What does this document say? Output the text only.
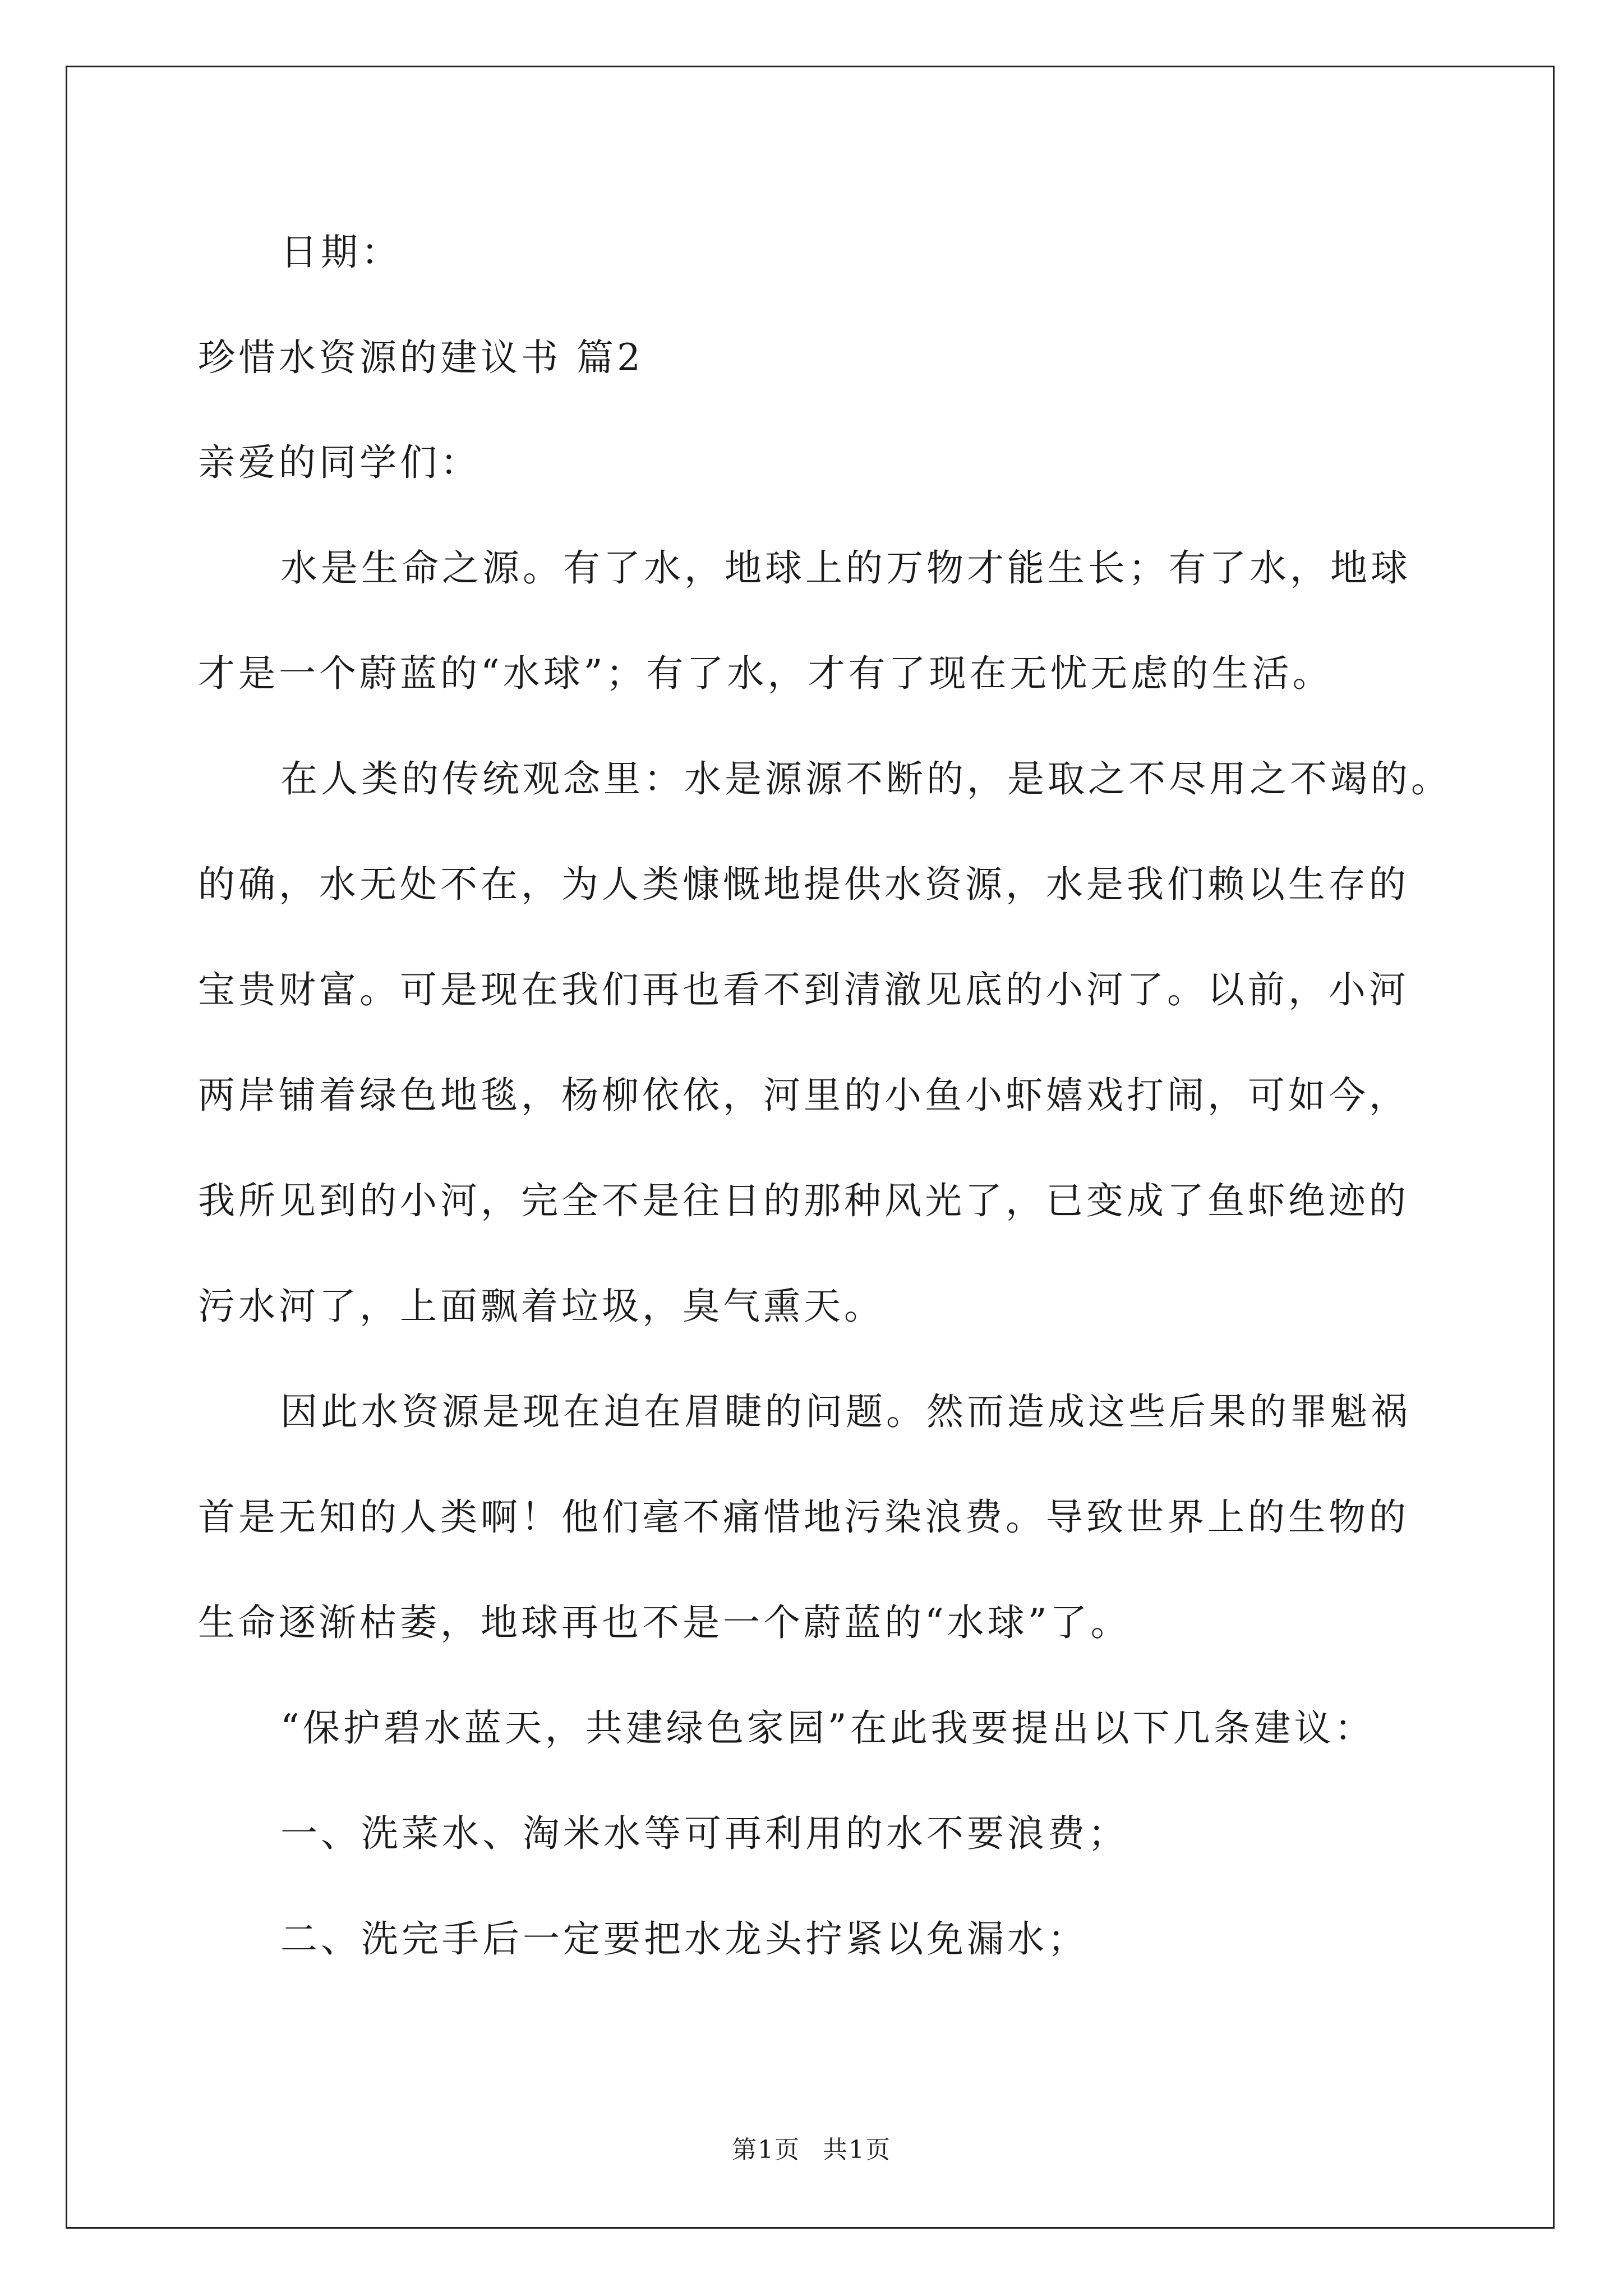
日期：
珍惜水资源的建议书 篇2
亲爱的同学们：
水是生命之源。有了水，地球上的万物才能生长；有了水，地球
才是一个蔚蓝的“水球”；有了水，才有了现在无忧无虑的生活。
在人类的传统观念里：水是源源不断的，是取之不尽用之不竭的。
的确，水无处不在，为人类慷慨地提供水资源，水是我们赖以生存的
宝贵财富。可是现在我们再也看不到清澈见底的小河了。以前，小河
两岸铺着绿色地毯，杨柳依依，河里的小鱼小虾嬉戏打闹，可如今，
我所见到的小河，完全不是往日的那种风光了，已变成了鱼虾绝迹的
污水河了，上面飘着垃圾，臭气熏天。
因此水资源是现在迫在眉睫的问题。然而造成这些后果的罪魁祸
首是无知的人类啊！他们毫不痛惜地污染浪费。导致世界上的生物的
生命逐渐枯萎，地球再也不是一个蔚蓝的“水球”了。
“保护碧水蓝天，共建绿色家园”在此我要提出以下几条建议：
一、洗菜水、淘米水等可再利用的水不要浪费；
二、洗完手后一定要把水龙头拧紧以免漏水；
第1页 共1页
